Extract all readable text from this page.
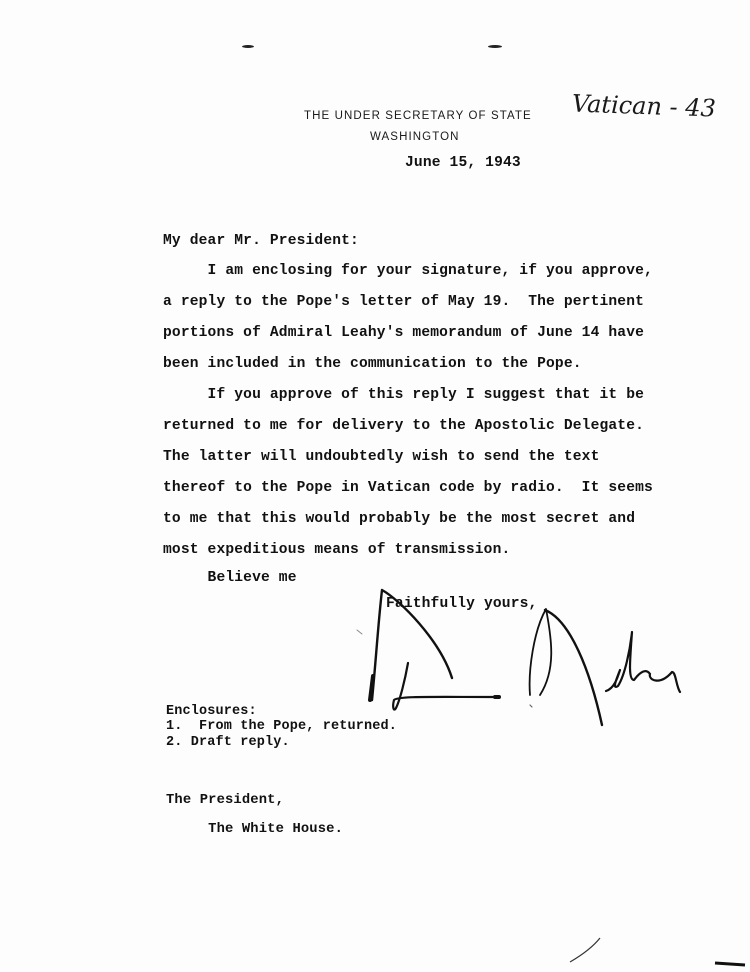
THE UNDER SECRETARY OF STATE
WASHINGTON
Vatican - 43
June 15, 1943
My dear Mr. President:
I am enclosing for your signature, if you approve,
a reply to the Pope's letter of May 19.  The pertinent
portions of Admiral Leahy's memorandum of June 14 have
been included in the communication to the Pope.
If you approve of this reply I suggest that it be
returned to me for delivery to the Apostolic Delegate.
The latter will undoubtedly wish to send the text
thereof to the Pope in Vatican code by radio.  It seems
to me that this would probably be the most secret and
most expeditious means of transmission.
Believe me
Faithfully yours,
Enclosures:
1.  From the Pope, returned.
2. Draft reply.
The President,
The White House.
